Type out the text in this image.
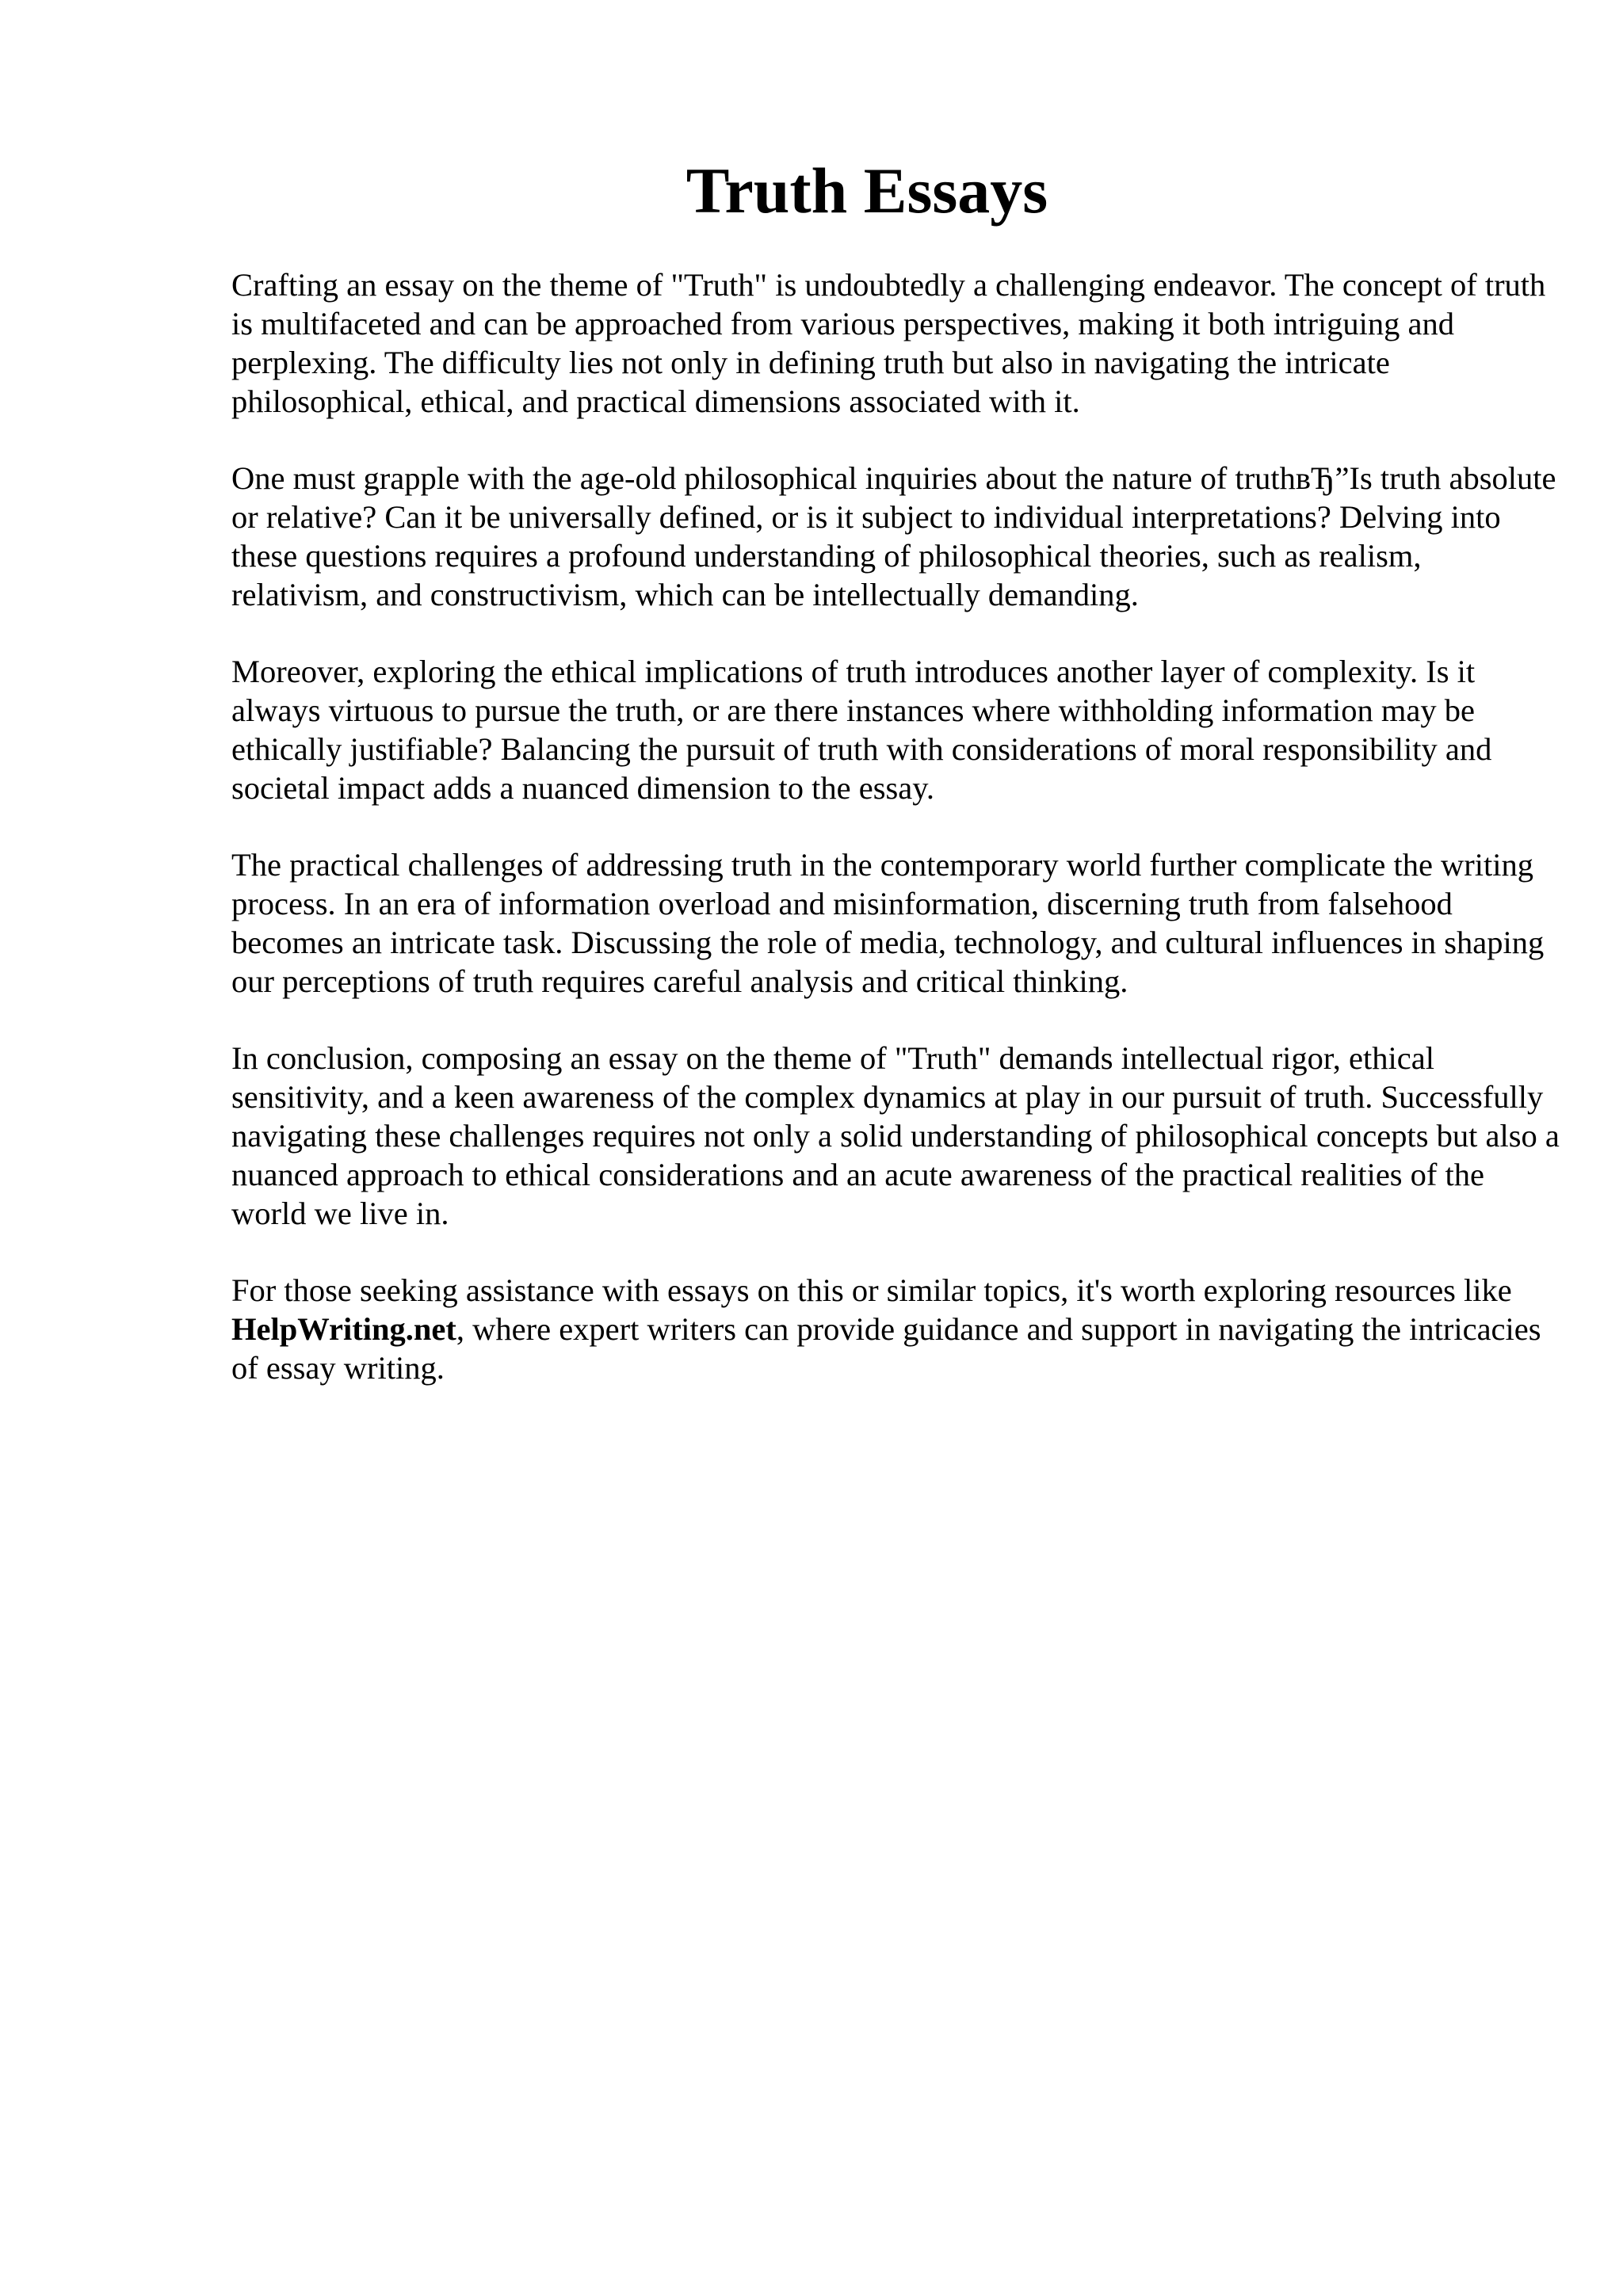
Truth Essays

Crafting an essay on the theme of "Truth" is undoubtedly a challenging endeavor. The concept of truth is multifaceted and can be approached from various perspectives, making it both intriguing and perplexing. The difficulty lies not only in defining truth but also in navigating the intricate philosophical, ethical, and practical dimensions associated with it.

One must grapple with the age-old philosophical inquiries about the nature of truthвЂ”Is truth absolute or relative? Can it be universally defined, or is it subject to individual interpretations? Delving into these questions requires a profound understanding of philosophical theories, such as realism, relativism, and constructivism, which can be intellectually demanding.

Moreover, exploring the ethical implications of truth introduces another layer of complexity. Is it always virtuous to pursue the truth, or are there instances where withholding information may be ethically justifiable? Balancing the pursuit of truth with considerations of moral responsibility and societal impact adds a nuanced dimension to the essay.

The practical challenges of addressing truth in the contemporary world further complicate the writing process. In an era of information overload and misinformation, discerning truth from falsehood becomes an intricate task. Discussing the role of media, technology, and cultural influences in shaping our perceptions of truth requires careful analysis and critical thinking.

In conclusion, composing an essay on the theme of "Truth" demands intellectual rigor, ethical sensitivity, and a keen awareness of the complex dynamics at play in our pursuit of truth. Successfully navigating these challenges requires not only a solid understanding of philosophical concepts but also a nuanced approach to ethical considerations and an acute awareness of the practical realities of the world we live in.

For those seeking assistance with essays on this or similar topics, it's worth exploring resources like HelpWriting.net, where expert writers can provide guidance and support in navigating the intricacies of essay writing.
